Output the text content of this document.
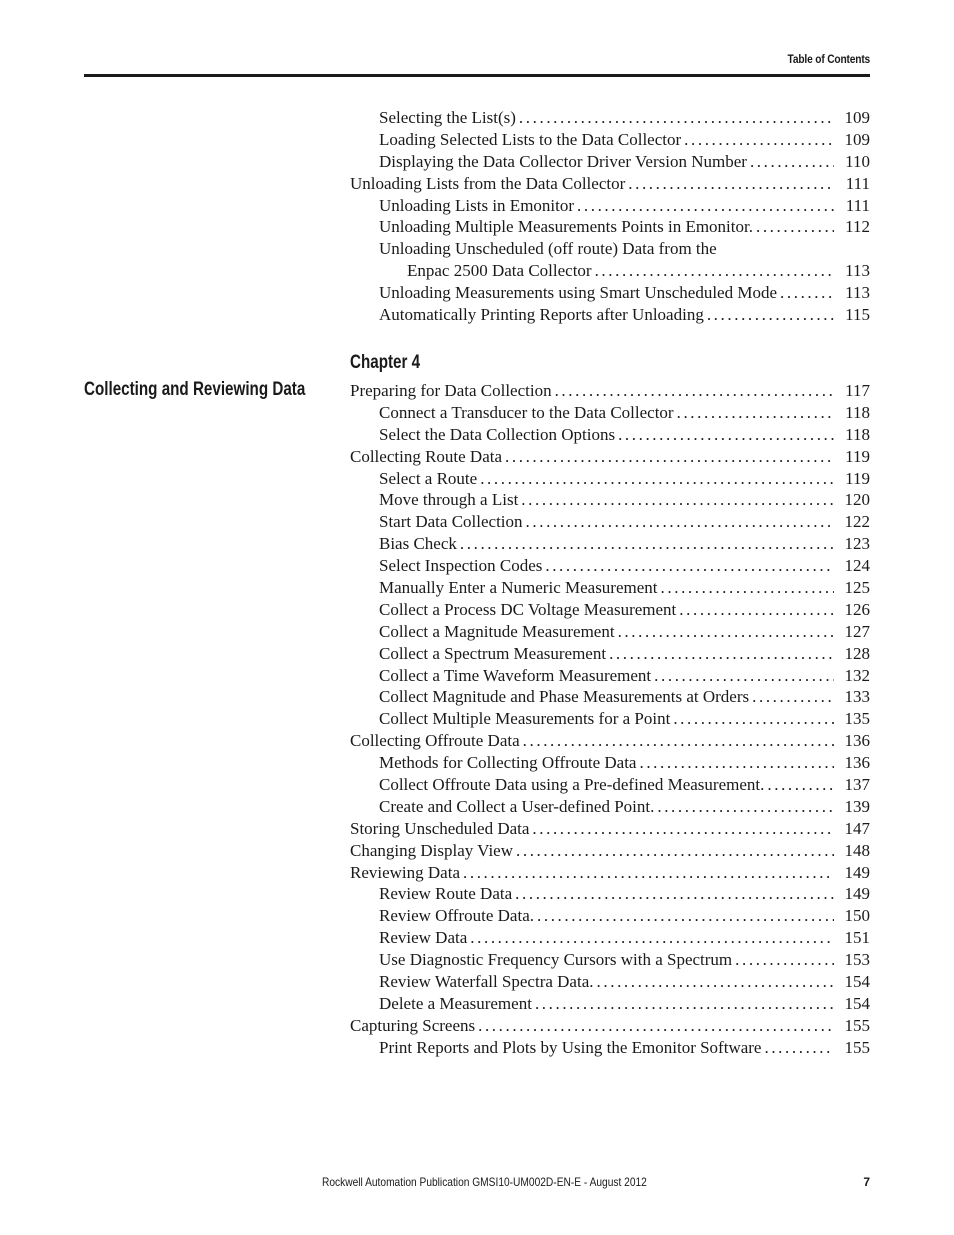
Table of Contents
Selecting the List(s) .....	109
Loading Selected Lists to the Data Collector .....	109
Displaying the Data Collector Driver Version Number .....	110
Unloading Lists from the Data Collector .....	111
Unloading Lists in Emonitor .....	111
Unloading Multiple Measurements Points in Emonitor. .....	112
Unloading Unscheduled (off route) Data from the
Enpac 2500 Data Collector .....	113
Unloading Measurements using Smart Unscheduled Mode .....	113
Automatically Printing Reports after Unloading .....	115
Chapter 4
Collecting and Reviewing Data	Preparing for Data Collection .....	117
Connect a Transducer to the Data Collector .....	118
Select the Data Collection Options .....	118
Collecting Route Data .....	119
Select a Route .....	119
Move through a List .....	120
Start Data Collection .....	122
Bias Check .....	123
Select Inspection Codes .....	124
Manually Enter a Numeric Measurement .....	125
Collect a Process DC Voltage Measurement .....	126
Collect a Magnitude Measurement .....	127
Collect a Spectrum Measurement .....	128
Collect a Time Waveform Measurement .....	132
Collect Magnitude and Phase Measurements at Orders .....	133
Collect Multiple Measurements for a Point .....	135
Collecting Offroute Data .....	136
Methods for Collecting Offroute Data .....	136
Collect Offroute Data using a Pre-defined Measurement. .....	137
Create and Collect a User-defined Point. .....	139
Storing Unscheduled Data .....	147
Changing Display View .....	148
Reviewing Data .....	149
Review Route Data .....	149
Review Offroute Data. .....	150
Review Data .....	151
Use Diagnostic Frequency Cursors with a Spectrum .....	153
Review Waterfall Spectra Data. .....	154
Delete a Measurement .....	154
Capturing Screens .....	155
Print Reports and Plots by Using the Emonitor Software .....	155
Rockwell Automation Publication GMSI10-UM002D-EN-E - August 2012	7
